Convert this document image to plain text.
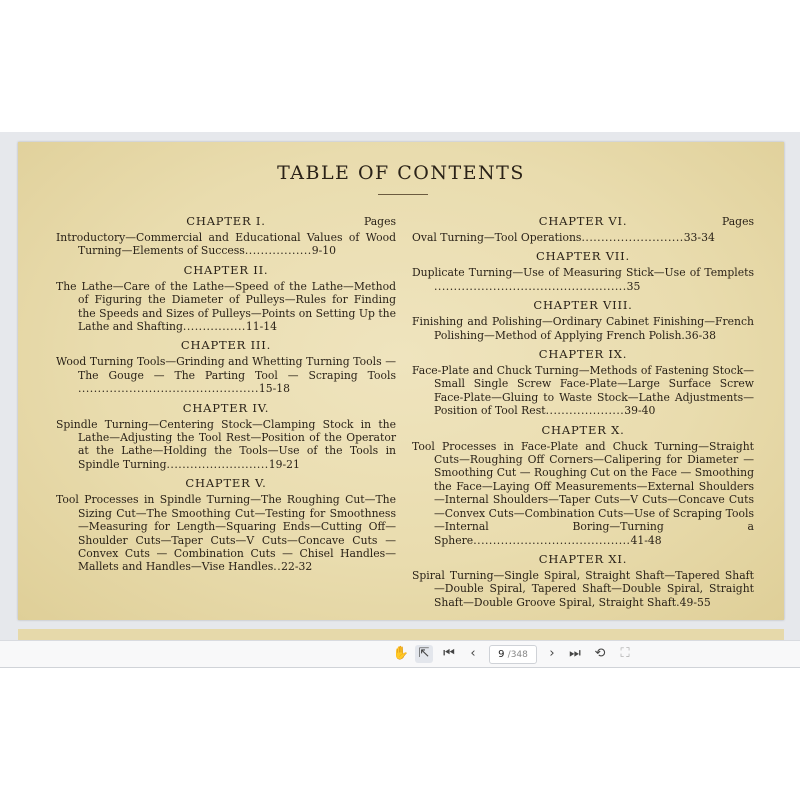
TABLE OF CONTENTS
CHAPTER I.	Pages

Introductory—Commercial and Educational Values of Wood Turning—Elements of Success.................9-10

CHAPTER II.

The Lathe—Care of the Lathe—Speed of the Lathe—Method of Figuring the Diameter of Pulleys—Rules for Finding the Speeds and Sizes of Pulleys—Points on Setting Up the Lathe and Shafting................11-14

CHAPTER III.

Wood Turning Tools—Grinding and Whetting Turning Tools — The Gouge — The Parting Tool — Scraping Tools ..............................................15-18

CHAPTER IV.

Spindle Turning—Centering Stock—Clamping Stock in the Lathe—Adjusting the Tool Rest—Position of the Operator at the Lathe—Holding the Tools—Use of the Tools in Spindle Turning..........................19-21

CHAPTER V.

Tool Processes in Spindle Turning—The Roughing Cut—The Sizing Cut—The Smoothing Cut—Testing for Smoothness—Measuring for Length—Squaring Ends—Cutting Off—Shoulder Cuts—Taper Cuts—V Cuts—Concave Cuts — Convex Cuts — Combination Cuts — Chisel Handles—Mallets and Handles—Vise Handles..22-32

CHAPTER VI.	Pages

Oval Turning—Tool Operations..........................33-34

CHAPTER VII.

Duplicate Turning—Use of Measuring Stick—Use of Templets .................................................35

CHAPTER VIII.

Finishing and Polishing—Ordinary Cabinet Finishing—French Polishing—Method of Applying French Polish.36-38

CHAPTER IX.

Face-Plate and Chuck Turning—Methods of Fastening Stock—Small Single Screw Face-Plate—Large Surface Screw Face-Plate—Gluing to Waste Stock—Lathe Adjustments—Position of Tool Rest....................39-40

CHAPTER X.

Tool Processes in Face-Plate and Chuck Turning—Straight Cuts—Roughing Off Corners—Calipering for Diameter — Smoothing Cut — Roughing Cut on the Face — Smoothing the Face—Laying Off Measurements—External Shoulders—Internal Shoulders—Taper Cuts—V Cuts—Concave Cuts—Convex Cuts—Combination Cuts—Use of Scraping Tools—Internal Boring—Turning a Sphere........................................41-48

CHAPTER XI.

Spiral Turning—Single Spiral, Straight Shaft—Tapered Shaft—Double Spiral, Tapered Shaft—Double Spiral, Straight Shaft—Double Groove Spiral, Straight Shaft.49-55

✋ ⇱ ⏮	‹	9 /348	›	⏭ ⟲	⛶
